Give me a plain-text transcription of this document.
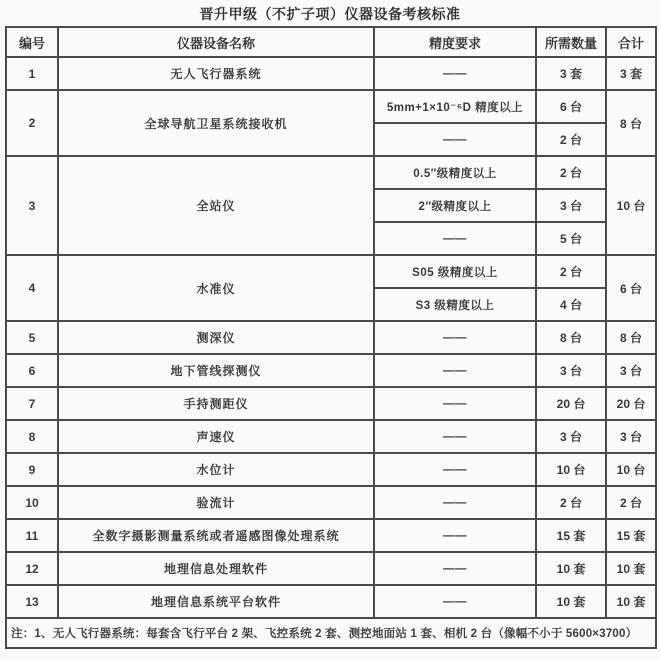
晋升甲级（不扩子项）仪器设备考核标准
编号	仪器设备名称	精度要求	所需数量	合计
1	无人飞行器系统	——	3 套	3 套
2	全球导航卫星系统接收机	5mm+1×10⁻⁶D 精度以上	6 台	8 台
		——	2 台	
3	全站仪	0.5″级精度以上	2 台	10 台
		2″级精度以上	3 台	
		——	5 台	
4	水准仪	S05 级精度以上	2 台	6 台
		S3 级精度以上	4 台	
5	测深仪	——	8 台	8 台
6	地下管线探测仪	——	3 台	3 台
7	手持测距仪	——	20 台	20 台
8	声速仪	——	3 台	3 台
9	水位计	——	10 台	10 台
10	验流计	——	2 台	2 台
11	全数字摄影测量系统或者遥感图像处理系统	——	15 套	15 套
12	地理信息处理软件	——	10 套	10 套
13	地理信息系统平台软件	——	10 套	10 套
注：1、无人飞行器系统：每套含飞行平台 2 架、飞控系统 2 套、测控地面站 1 套、相机 2 台（像幅不小于 5600×3700）				
